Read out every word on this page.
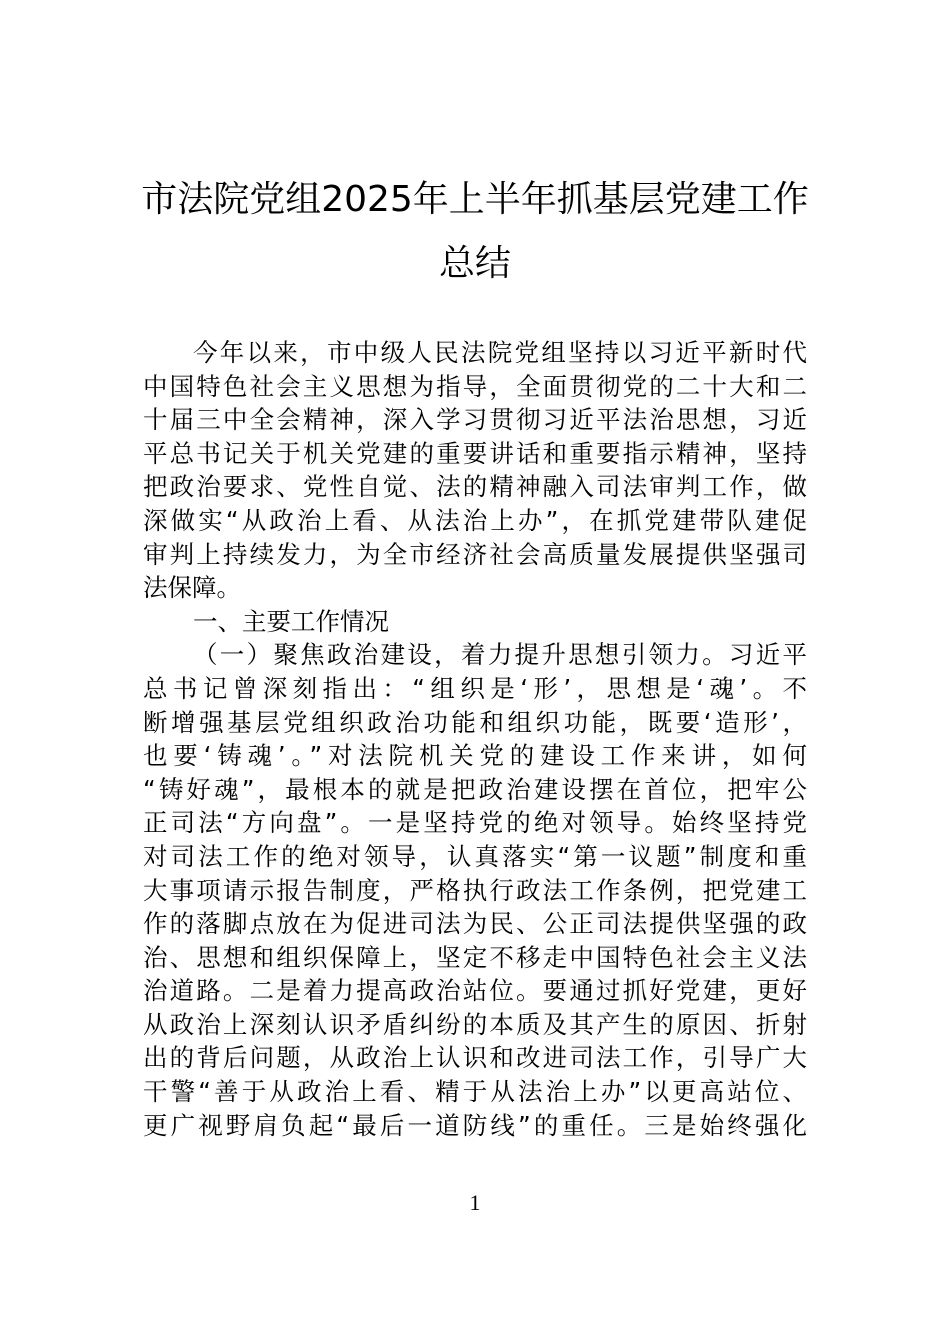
市法院党组2025年上半年抓基层党建工作
总结
今年以来，市中级人民法院党组坚持以习近平新时代
中国特色社会主义思想为指导，全面贯彻党的二十大和二
十届三中全会精神，深入学习贯彻习近平法治思想，习近
平总书记关于机关党建的重要讲话和重要指示精神，坚持
把政治要求、党性自觉、法的精神融入司法审判工作，做
深做实“从政治上看、从法治上办”，在抓党建带队建促
审判上持续发力，为全市经济社会高质量发展提供坚强司
法保障。
一、主要工作情况
（一）聚焦政治建设，着力提升思想引领力。习近平
总书记曾深刻指出：“组织是‘形’，思想是‘魂’。不
断增强基层党组织政治功能和组织功能，既要‘造形’，
也要‘铸魂’。”对法院机关党的建设工作来讲，如何
“铸好魂”，最根本的就是把政治建设摆在首位，把牢公
正司法“方向盘”。一是坚持党的绝对领导。始终坚持党
对司法工作的绝对领导，认真落实“第一议题”制度和重
大事项请示报告制度，严格执行政法工作条例，把党建工
作的落脚点放在为促进司法为民、公正司法提供坚强的政
治、思想和组织保障上，坚定不移走中国特色社会主义法
治道路。二是着力提高政治站位。要通过抓好党建，更好
从政治上深刻认识矛盾纠纷的本质及其产生的原因、折射
出的背后问题，从政治上认识和改进司法工作，引导广大
干警“善于从政治上看、精于从法治上办”以更高站位、
更广视野肩负起“最后一道防线”的重任。三是始终强化
1
